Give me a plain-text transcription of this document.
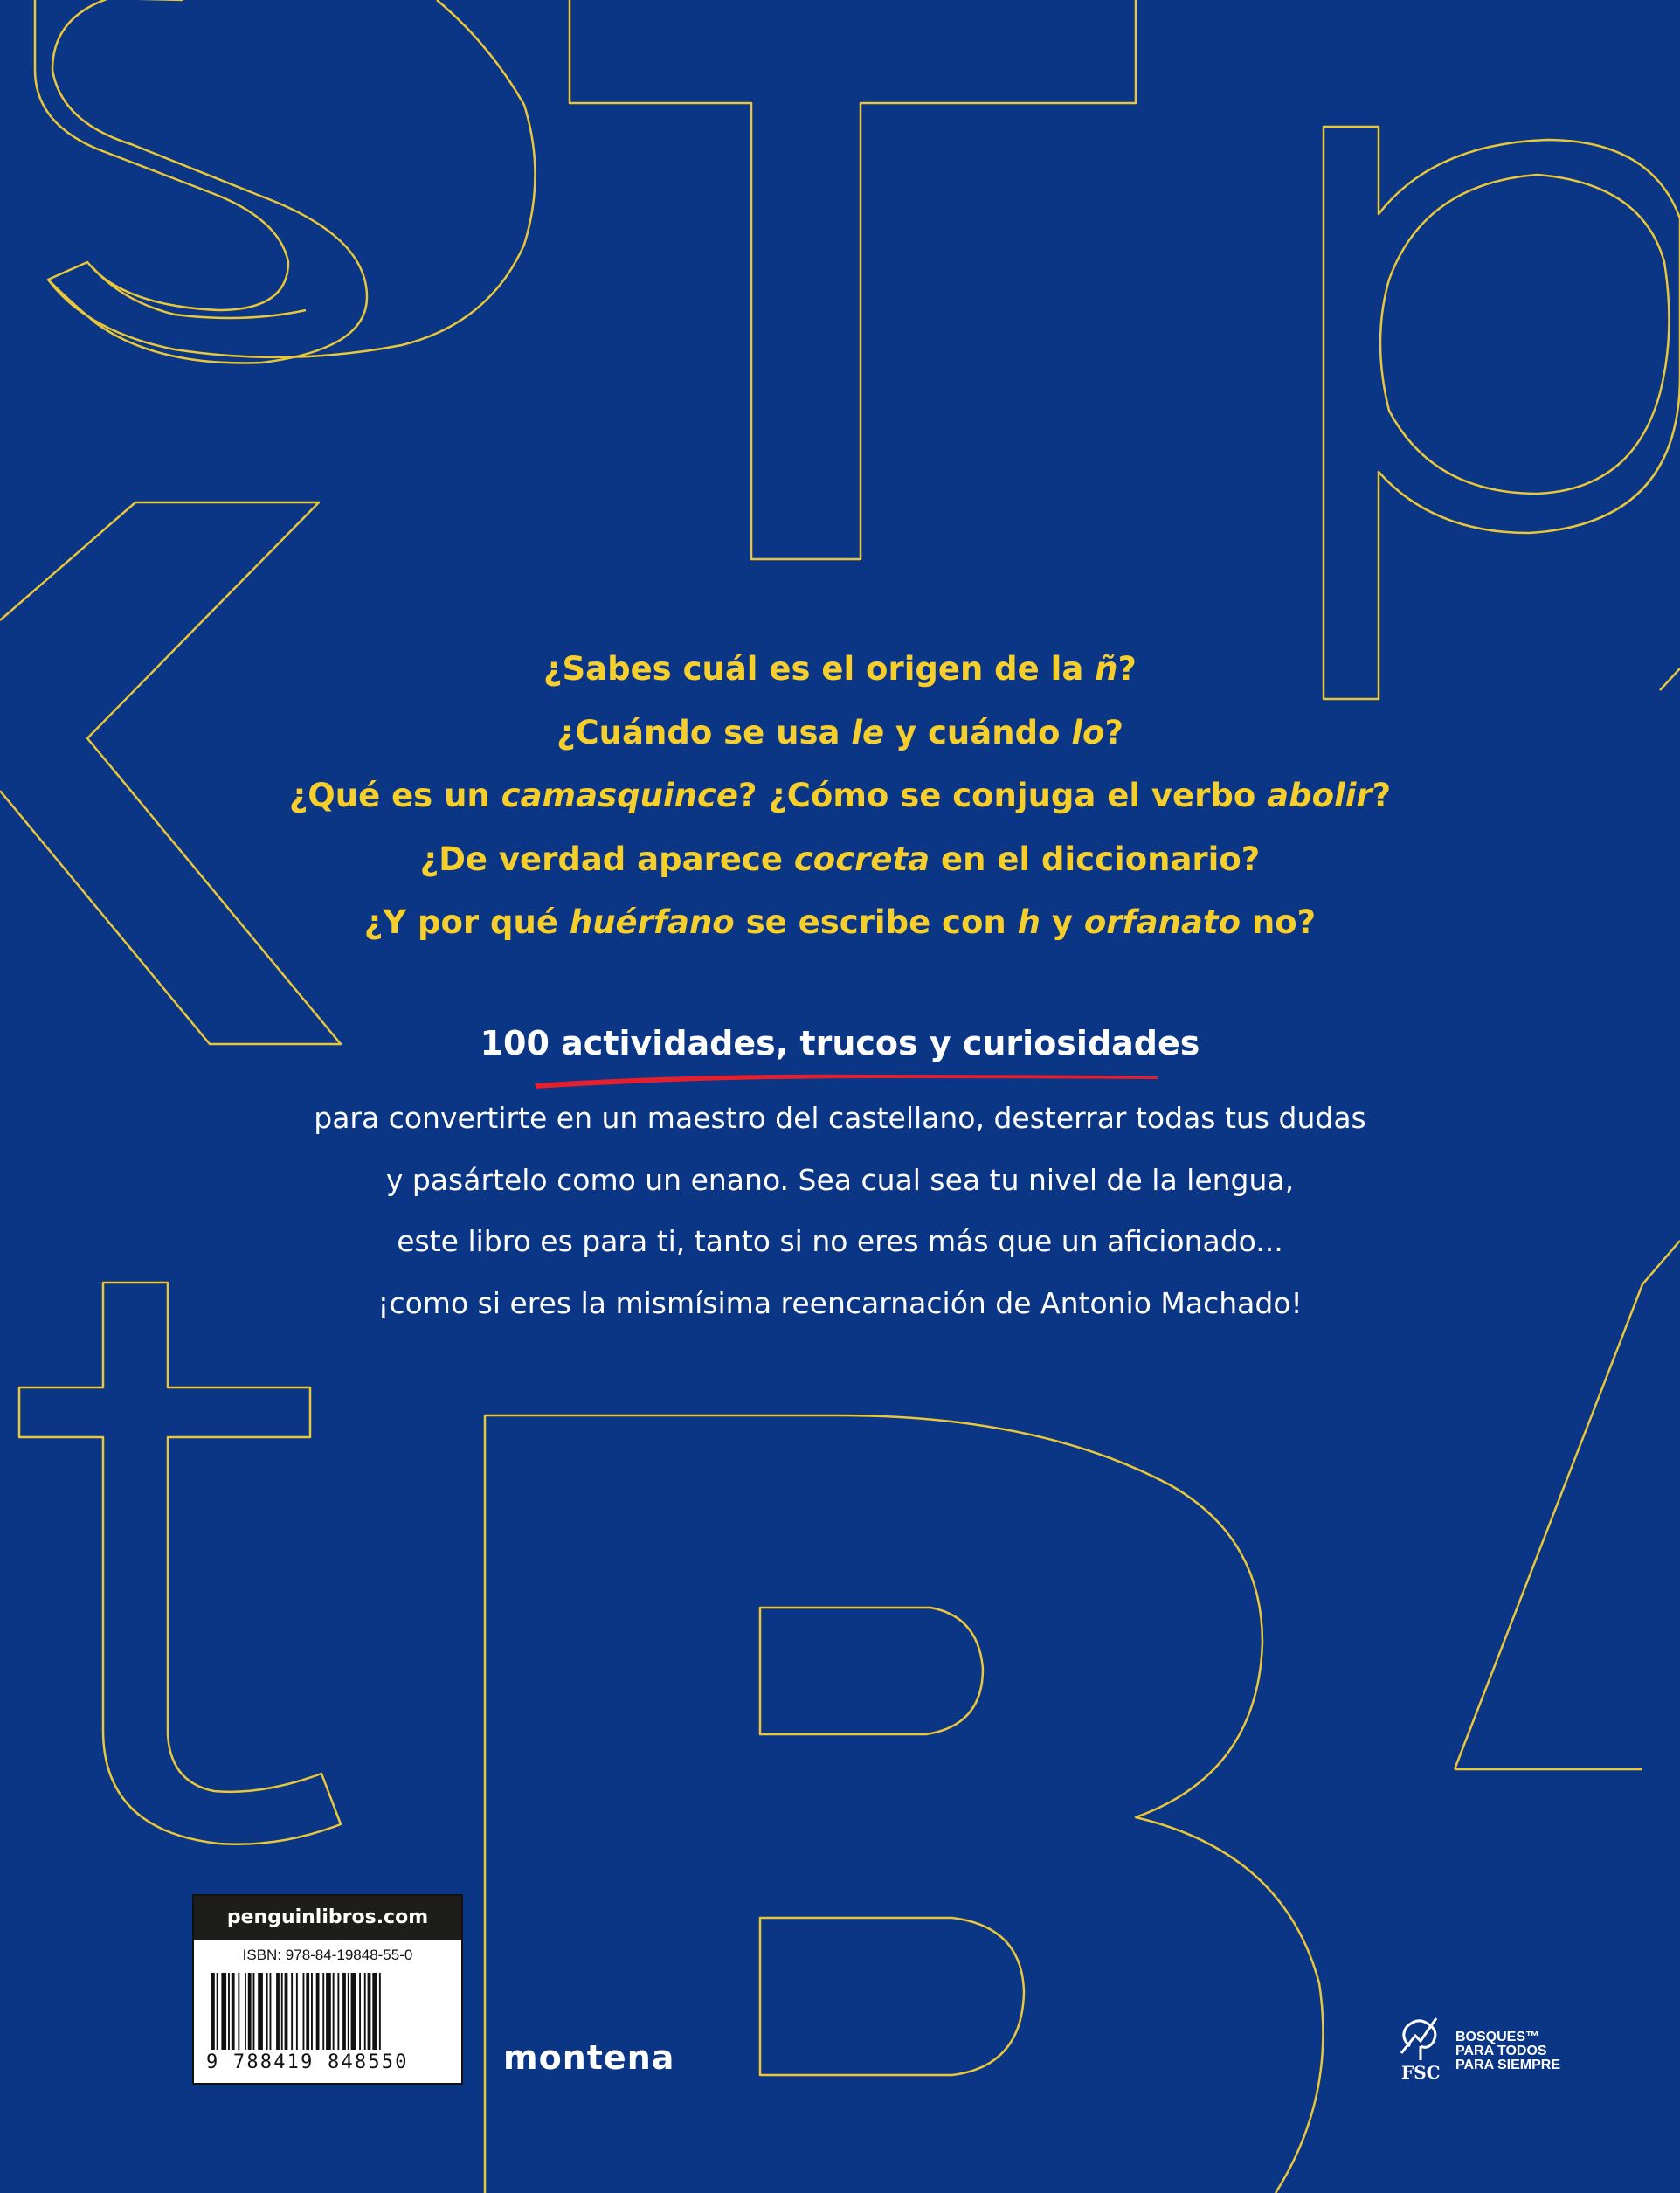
¿Sabes cuál es el origen de la ñ?
¿Cuándo se usa le y cuándo lo?
¿Qué es un camasquince? ¿Cómo se conjuga el verbo abolir?
¿De verdad aparece cocreta en el diccionario?
¿Y por qué huérfano se escribe con h y orfanato no?
100 actividades, trucos y curiosidades
para convertirte en un maestro del castellano, desterrar todas tus dudas
y pasártelo como un enano. Sea cual sea tu nivel de la lengua,
este libro es para ti, tanto si no eres más que un aficionado...
¡como si eres la mismísima reencarnación de Antonio Machado!
penguinlibros.com
ISBN: 978-84-19848-55-0
9 788419 848550	montena	FSC
BOSQUES™
PARA TODOS
PARA SIEMPRE
